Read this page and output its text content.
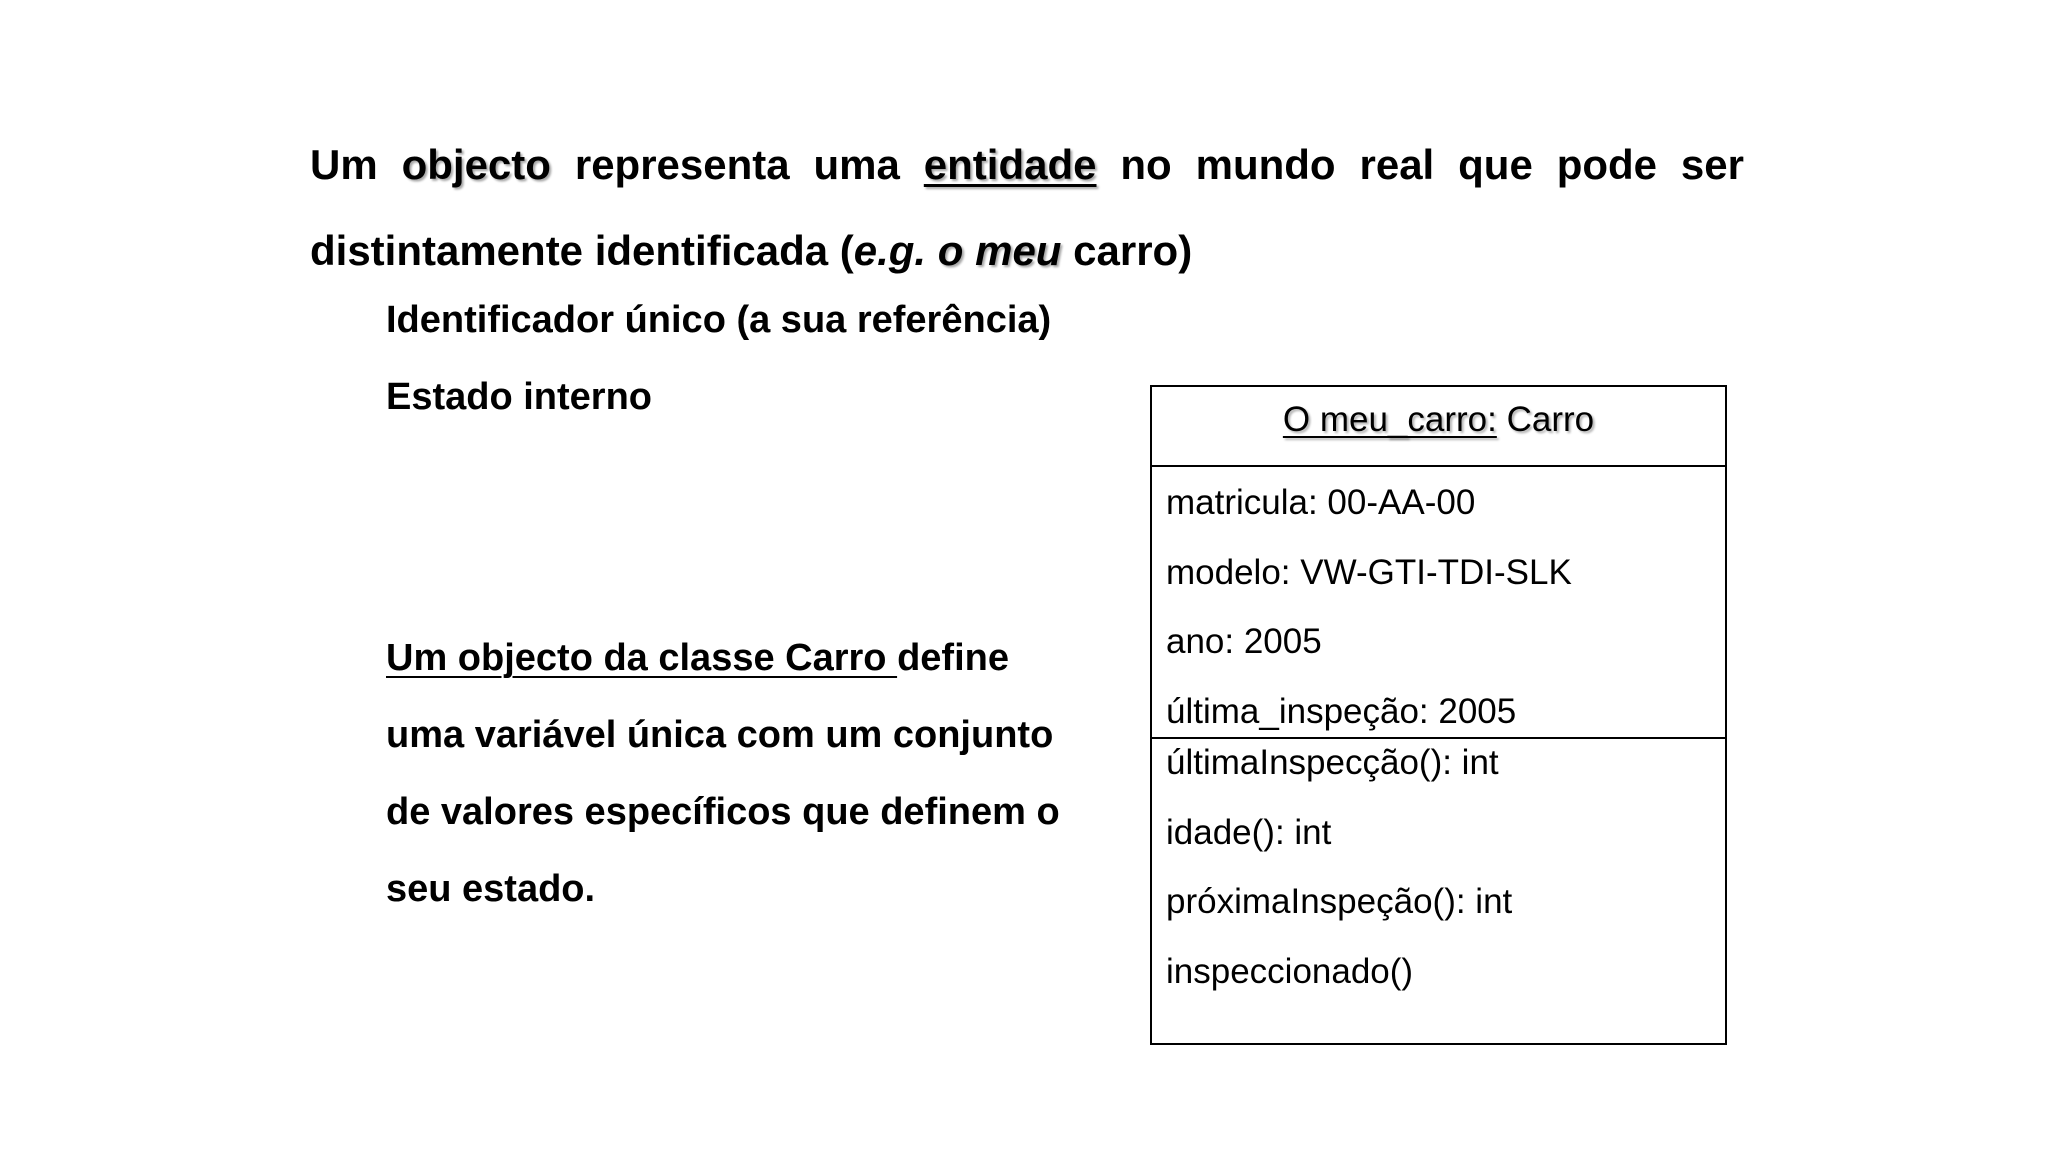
Um objecto representa uma entidade no mundo real que pode ser distintamente identificada (e.g. o meu carro)
Identificador único (a sua referência)
Estado interno
Um objecto da classe Carro define uma variável única com um conjunto de valores específicos que definem o seu estado.
O meu_carro: Carro
matricula: 00-AA-00
modelo: VW-GTI-TDI-SLK
ano: 2005
última_inspeção: 2005
últimaInspecção(): int
idade(): int
próximaInspeção(): int
inspeccionado()
